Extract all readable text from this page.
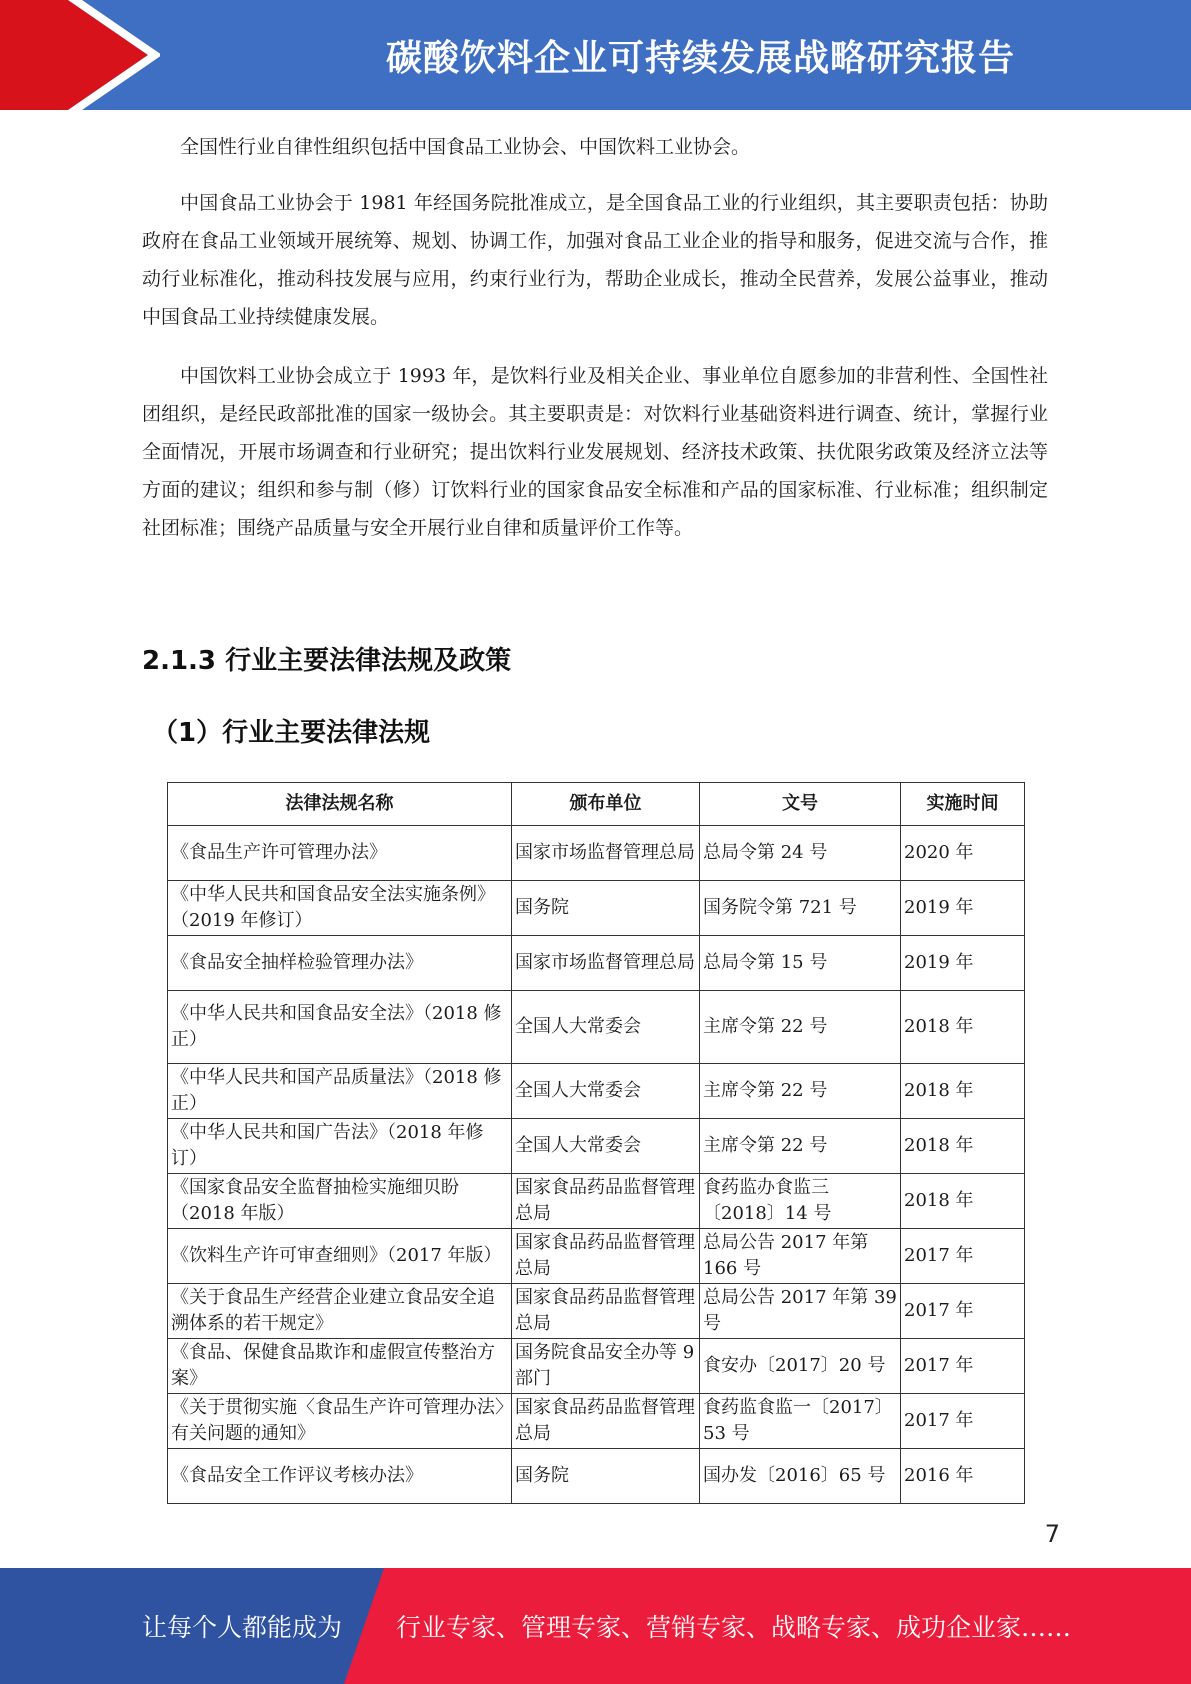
碳酸饮料企业可持续发展战略研究报告

全国性行业自律性组织包括中国食品工业协会、中国饮料工业协会。

中国食品工业协会于 1981 年经国务院批准成立，是全国食品工业的行业组织，其主要职责包括：协助政府在食品工业领域开展统筹、规划、协调工作，加强对食品工业企业的指导和服务，促进交流与合作，推动行业标准化，推动科技发展与应用，约束行业行为，帮助企业成长，推动全民营养，发展公益事业，推动中国食品工业持续健康发展。

中国饮料工业协会成立于 1993 年，是饮料行业及相关企业、事业单位自愿参加的非营利性、全国性社团组织，是经民政部批准的国家一级协会。其主要职责是：对饮料行业基础资料进行调查、统计，掌握行业全面情况，开展市场调查和行业研究；提出饮料行业发展规划、经济技术政策、扶优限劣政策及经济立法等方面的建议；组织和参与制（修）订饮料行业的国家食品安全标准和产品的国家标准、行业标准；组织制定社团标准；围绕产品质量与安全开展行业自律和质量评价工作等。

2.1.3 行业主要法律法规及政策
（1）行业主要法律法规
法律法规名称	颁布单位	文号	实施时间
《食品生产许可管理办法》	国家市场监督管理总局	总局令第 24 号	2020 年
《中华人民共和国食品安全法实施条例》（2019 年修订）	国务院	国务院令第 721 号	2019 年
《食品安全抽样检验管理办法》	国家市场监督管理总局	总局令第 15 号	2019 年
《中华人民共和国食品安全法》（2018 修正）	全国人大常委会	主席令第 22 号	2018 年
《中华人民共和国产品质量法》（2018 修正）	全国人大常委会	主席令第 22 号	2018 年
《中华人民共和国广告法》（2018 年修订）	全国人大常委会	主席令第 22 号	2018 年
《国家食品安全监督抽检实施细贝盼（2018 年版）	国家食品药品监督管理总局	食药监办食监三〔2018〕14 号	2018 年
《饮料生产许可审查细则》（2017 年版）	国家食品药品监督管理总局	总局公告 2017 年第 166 号	2017 年
《关于食品生产经营企业建立食品安全追溯体系的若干规定》	国家食品药品监督管理总局	总局公告 2017 年第 39 号	2017 年
《食品、保健食品欺诈和虚假宣传整治方案》	国务院食品安全办等 9 部门	食安办〔2017〕20 号	2017 年
《关于贯彻实施〈食品生产许可管理办法〉有关问题的通知》	国家食品药品监督管理总局	食药监食监一〔2017〕53 号	2017 年
《食品安全工作评议考核办法》	国务院	国办发〔2016〕65 号	2016 年
7
让每个人都能成为 行业专家、管理专家、营销专家、战略专家、成功企业家……
